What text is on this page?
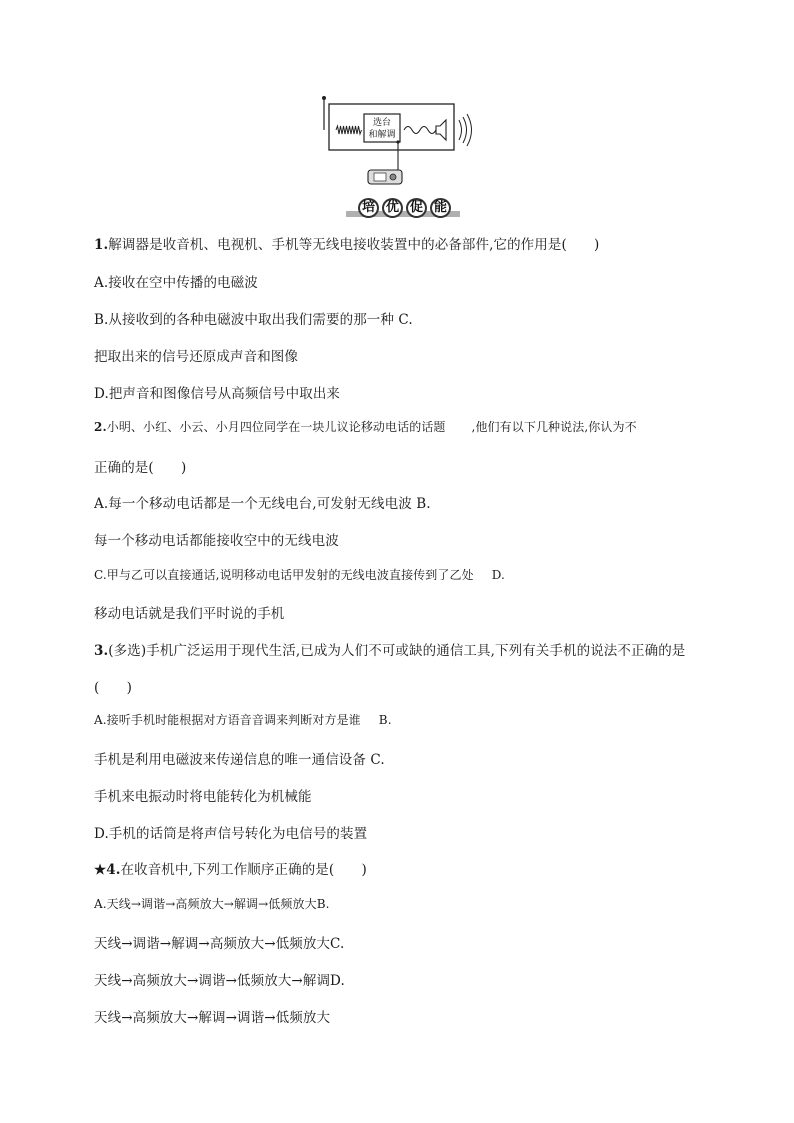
选台
和解调
培 优 促 能
1.解调器是收音机、电视机、手机等无线电接收装置中的必备部件,它的作用是(　　)
A.接收在空中传播的电磁波
B.从接收到的各种电磁波中取出我们需要的那一种 C.
把取出来的信号还原成声音和图像
D.把声音和图像信号从高频信号中取出来
2.小明、小红、小云、小月四位同学在一块儿议论移动电话的话题 ,他们有以下几种说法,你认为不
正确的是(　　)
A.每一个移动电话都是一个无线电台,可发射无线电波 B.
每一个移动电话都能接收空中的无线电波
C.甲与乙可以直接通话,说明移动电话甲发射的无线电波直接传到了乙处 D.
移动电话就是我们平时说的手机
3.(多选)手机广泛运用于现代生活,已成为人们不可或缺的通信工具,下列有关手机的说法不正确的是
(　　)
A.接听手机时能根据对方语音音调来判断对方是谁 B.
手机是利用电磁波来传递信息的唯一通信设备 C.
手机来电振动时将电能转化为机械能
D.手机的话筒是将声信号转化为电信号的装置
★4.在收音机中,下列工作顺序正确的是(　　)
A.天线→调谐→高频放大→解调→低频放大B.
天线→调谐→解调→高频放大→低频放大C.
天线→高频放大→调谐→低频放大→解调D.
天线→高频放大→解调→调谐→低频放大
